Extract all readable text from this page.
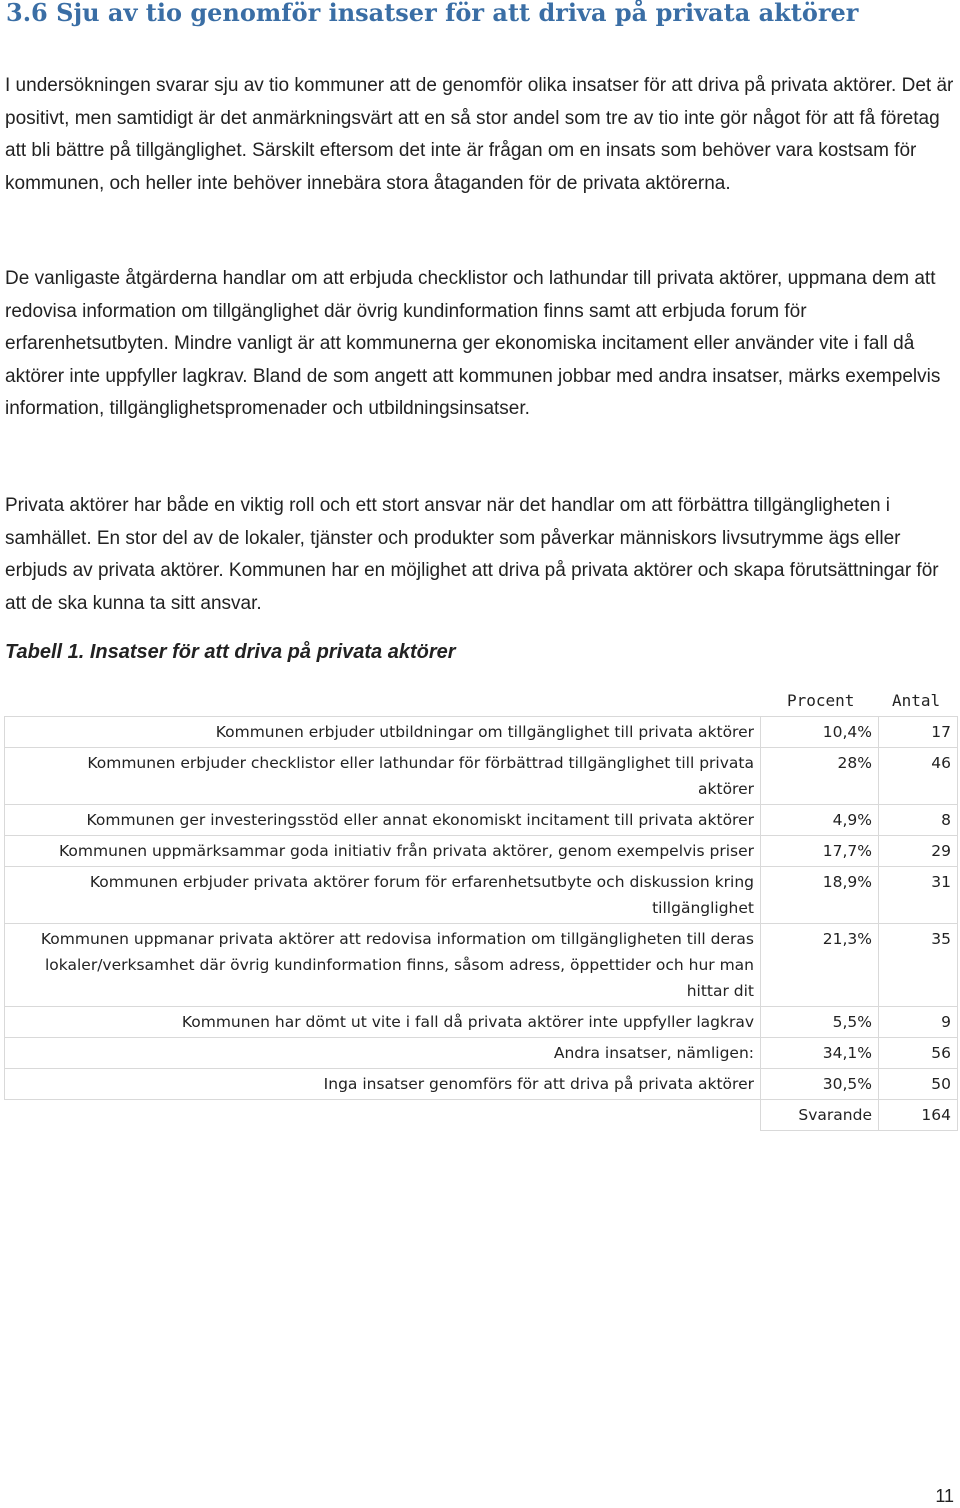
3.6 Sju av tio genomför insatser för att driva på privata aktörer

I undersökningen svarar sju av tio kommuner att de genomför olika insatser för att driva på privata aktörer. Det är positivt, men samtidigt är det anmärkningsvärt att en så stor andel som tre av tio inte gör något för att få företag att bli bättre på tillgänglighet. Särskilt eftersom det inte är frågan om en insats som behöver vara kostsam för kommunen, och heller inte behöver innebära stora åtaganden för de privata aktörerna.

De vanligaste åtgärderna handlar om att erbjuda checklistor och lathundar till privata aktörer, uppmana dem att redovisa information om tillgänglighet där övrig kundinformation finns samt att erbjuda forum för erfarenhetsutbyten. Mindre vanligt är att kommunerna ger ekonomiska incitament eller använder vite i fall då aktörer inte uppfyller lagkrav. Bland de som angett att kommunen jobbar med andra insatser, märks exempelvis information, tillgänglighetspromenader och utbildningsinsatser.

Privata aktörer har både en viktig roll och ett stort ansvar när det handlar om att förbättra tillgängligheten i samhället. En stor del av de lokaler, tjänster och produkter som påverkar människors livsutrymme ägs eller erbjuds av privata aktörer. Kommunen har en möjlighet att driva på privata aktörer och skapa förutsättningar för att de ska kunna ta sitt ansvar.

Tabell 1. Insatser för att driva på privata aktörer

Procent Antal
Kommunen erbjuder utbildningar om tillgänglighet till privata aktörer	10,4%	17
Kommunen erbjuder checklistor eller lathundar för förbättrad tillgänglighet till privata aktörer	28%	46
Kommunen ger investeringsstöd eller annat ekonomiskt incitament till privata aktörer	4,9%	8
Kommunen uppmärksammar goda initiativ från privata aktörer, genom exempelvis priser	17,7%	29
Kommunen erbjuder privata aktörer forum för erfarenhetsutbyte och diskussion kring tillgänglighet	18,9%	31
Kommunen uppmanar privata aktörer att redovisa information om tillgängligheten till deras lokaler/verksamhet där övrig kundinformation finns, såsom adress, öppettider och hur man hittar dit	21,3%	35
Kommunen har dömt ut vite i fall då privata aktörer inte uppfyller lagkrav	5,5%	9
Andra insatser, nämligen:	34,1%	56
Inga insatser genomförs för att driva på privata aktörer	30,5%	50
	Svarande	164
11
